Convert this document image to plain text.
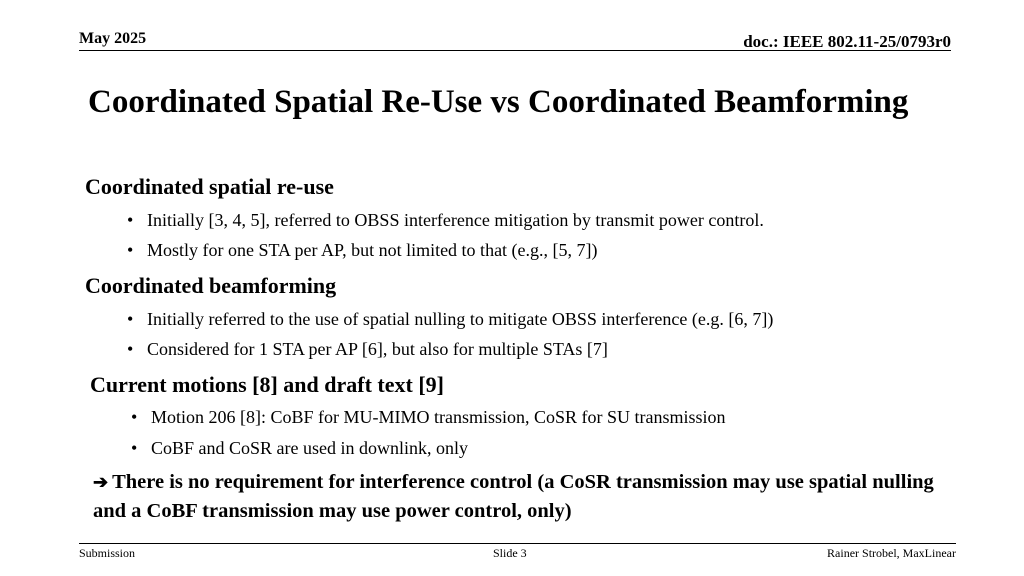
May 2025	doc.: IEEE 802.11-25/0793r0
Coordinated Spatial Re-Use vs Coordinated Beamforming
Coordinated spatial re-use
• Initially [3, 4, 5], referred to OBSS interference mitigation by transmit power control.
• Mostly for one STA per AP, but not limited to that (e.g., [5, 7])
Coordinated beamforming
• Initially referred to the use of spatial nulling to mitigate OBSS interference (e.g. [6, 7])
• Considered for 1 STA per AP [6], but also for multiple STAs [7]
Current motions [8] and draft text [9]
• Motion 206 [8]: CoBF for MU-MIMO transmission, CoSR for SU transmission
• CoBF and CoSR are used in downlink, only
➔ There is no requirement for interference control (a CoSR transmission may use spatial nulling and a CoBF transmission may use power control, only)
Submission	Slide 3	Rainer Strobel, MaxLinear
